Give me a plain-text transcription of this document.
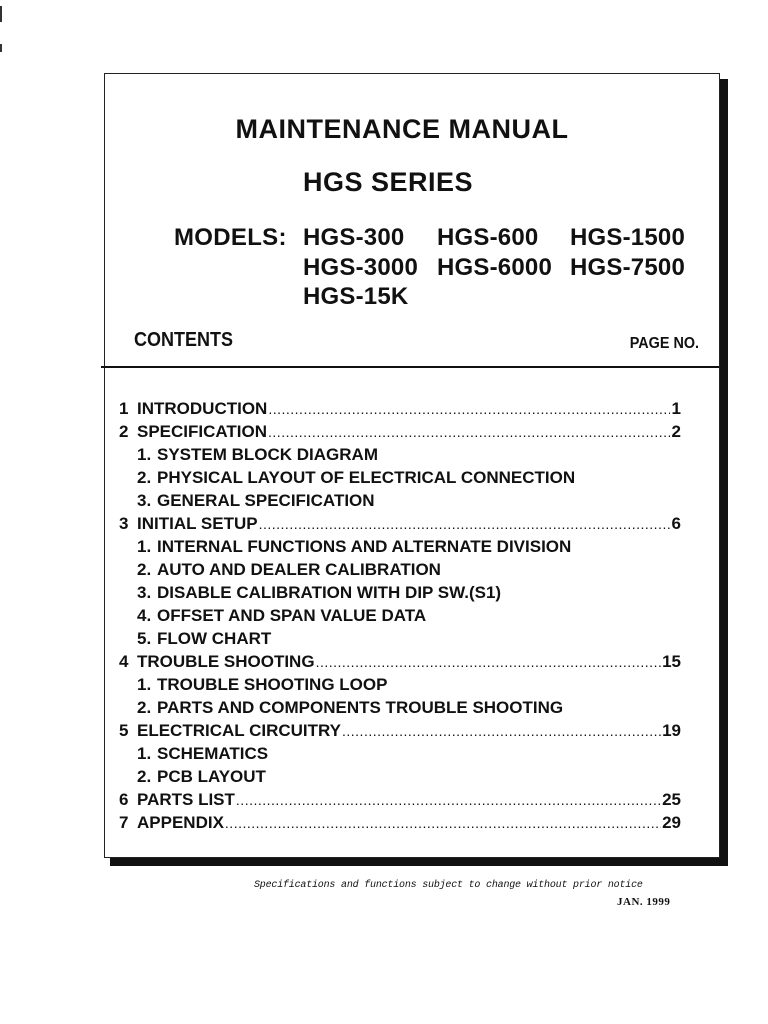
MAINTENANCE MANUAL
HGS SERIES
MODELS: HGS-300 HGS-600 HGS-1500
HGS-3000 HGS-6000 HGS-7500
HGS-15K
CONTENTS	PAGE NO.
1 INTRODUCTION .....	1
2 SPECIFICATION .....	2
1. SYSTEM BLOCK DIAGRAM
2. PHYSICAL LAYOUT OF ELECTRICAL CONNECTION
3. GENERAL SPECIFICATION
3 INITIAL SETUP .....	6
1. INTERNAL FUNCTIONS AND ALTERNATE DIVISION
2. AUTO AND DEALER CALIBRATION
3. DISABLE CALIBRATION WITH DIP SW.(S1)
4. OFFSET AND SPAN VALUE DATA
5. FLOW CHART
4 TROUBLE SHOOTING .....	15
1. TROUBLE SHOOTING LOOP
2. PARTS AND COMPONENTS TROUBLE SHOOTING
5 ELECTRICAL CIRCUITRY .....	19
1. SCHEMATICS
2. PCB LAYOUT
6 PARTS LIST .....	25
7 APPENDIX .....	29
Specifications and functions subject to change without prior notice
JAN. 1999
